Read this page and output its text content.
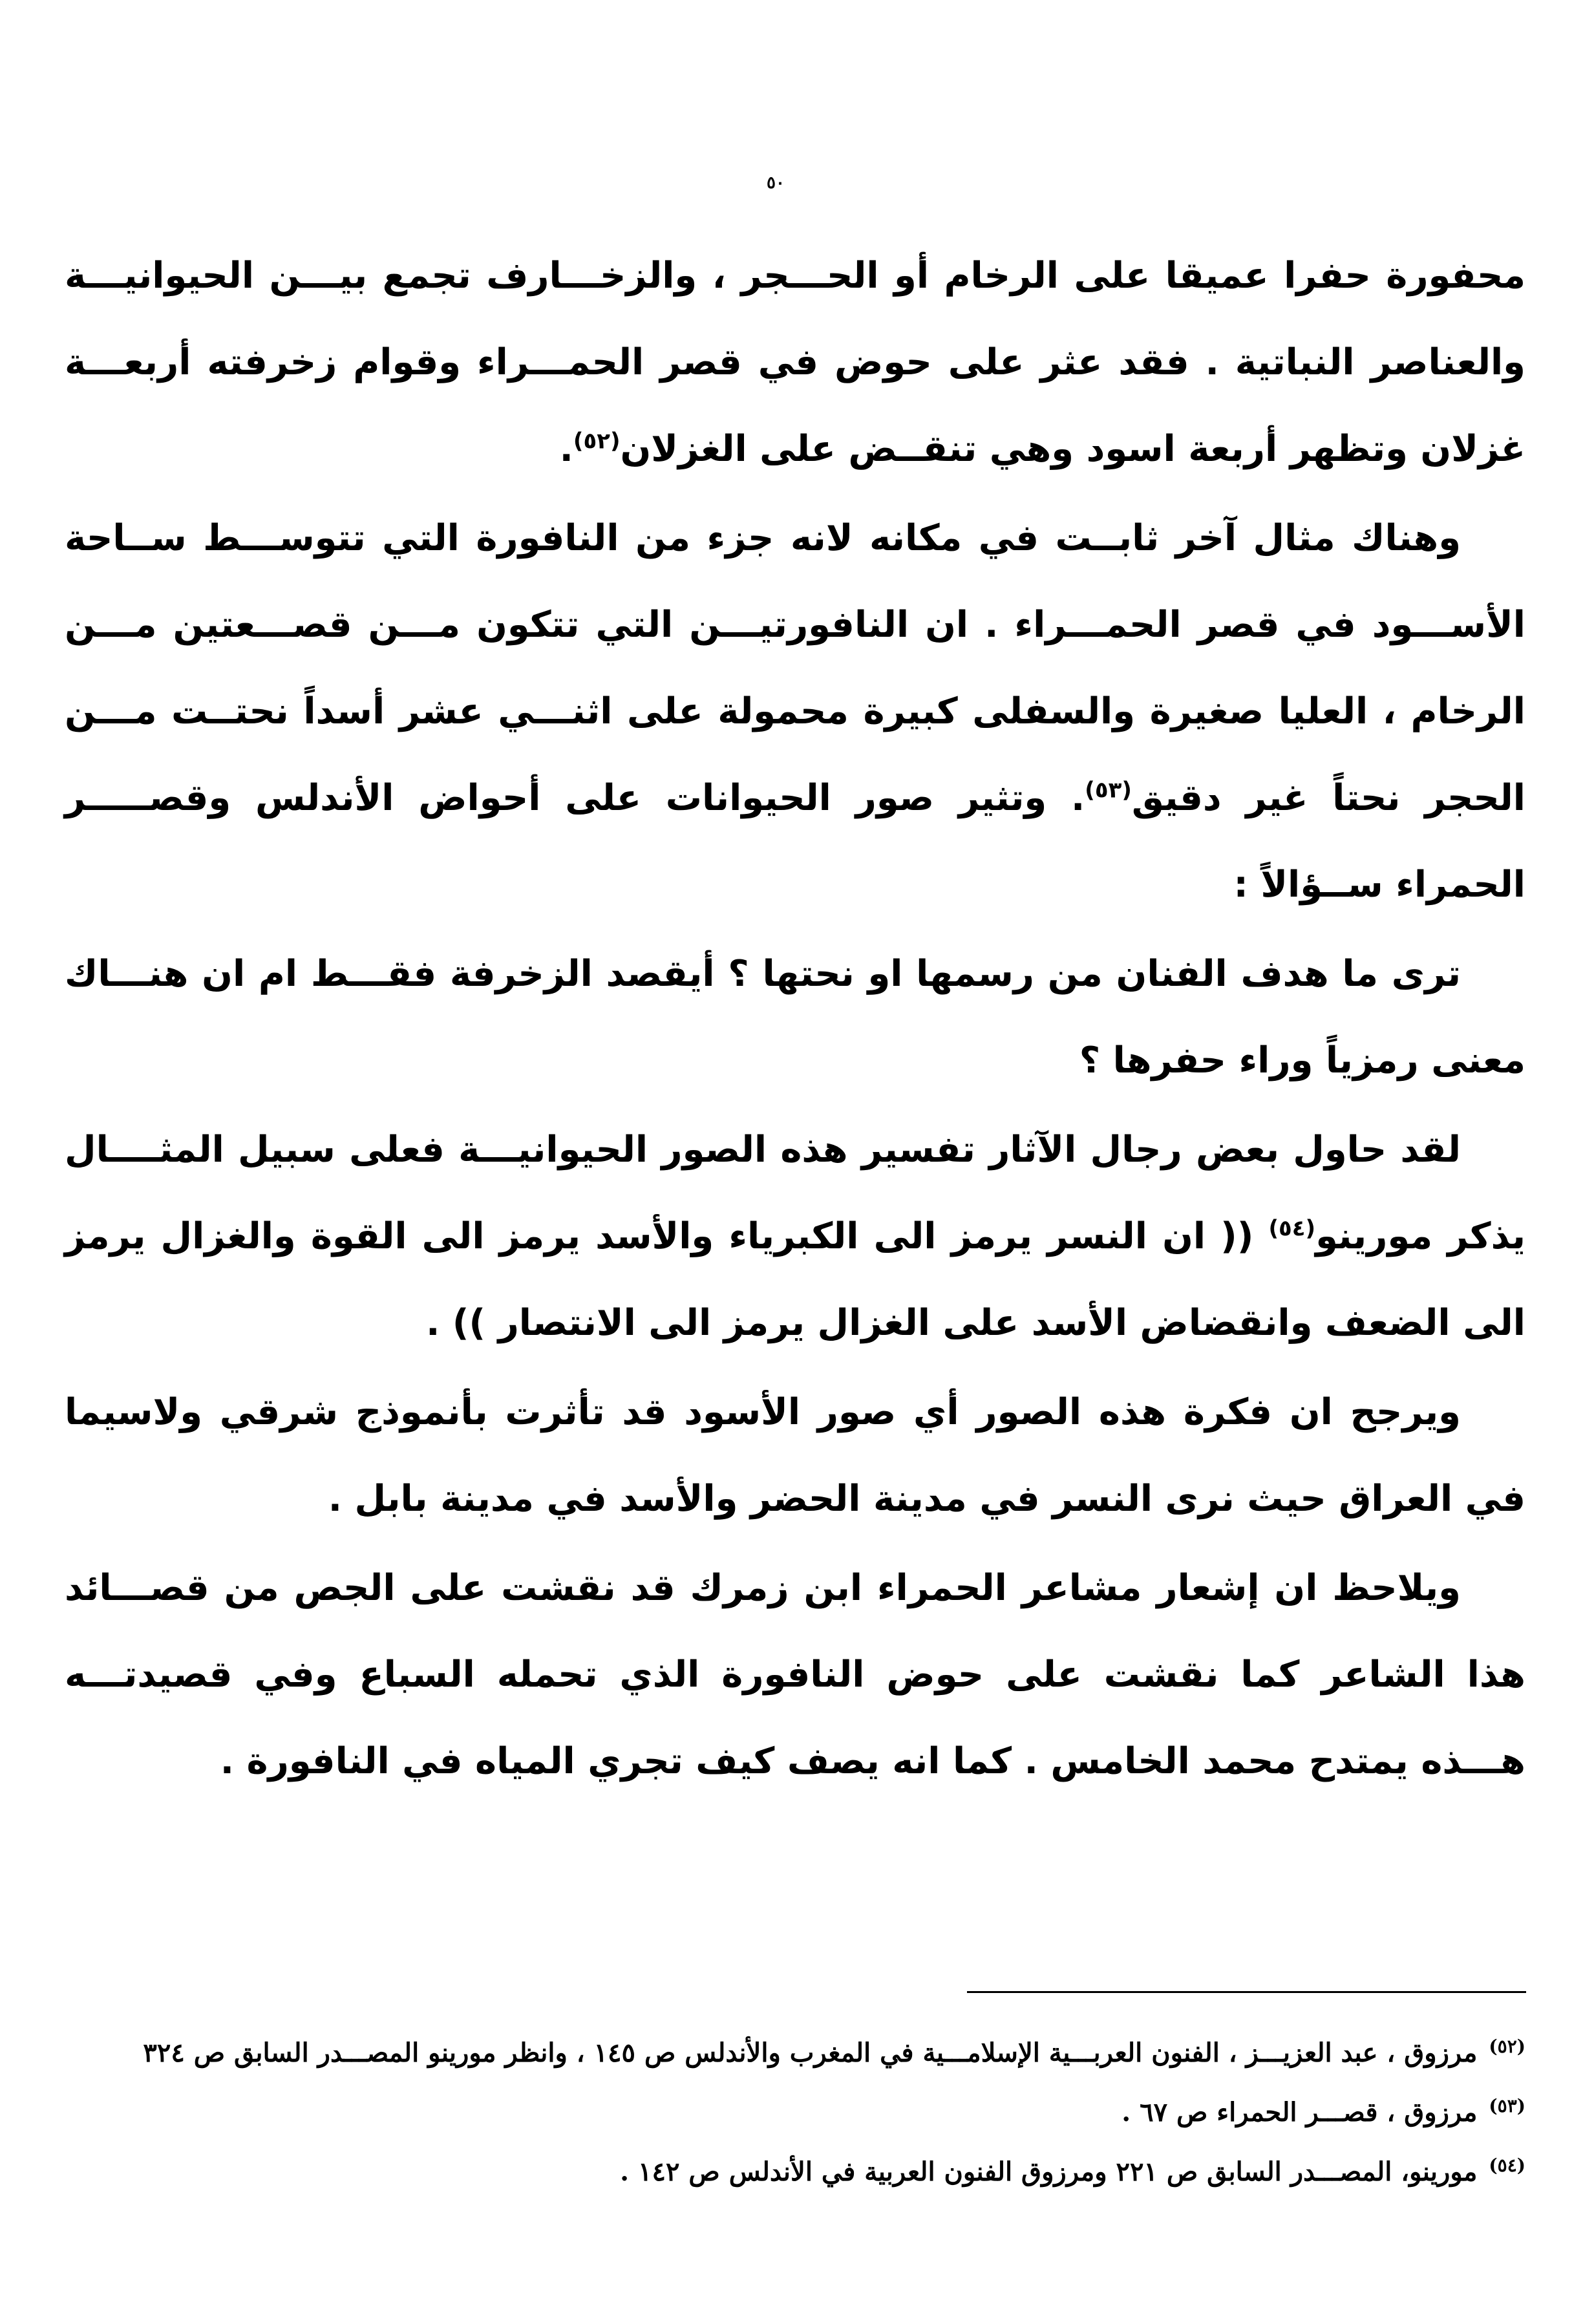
٥٠

محفورة حفرا عميقا على الرخام أو الحـــجر ، والزخـــارف تجمع بيـــن الحيوانيـــة والعناصر النباتية . فقد عثر على حوض في قصر الحمـــراء وقوام زخرفته أربعـــة غزلان وتظهر أربعة اسود وهي تنقــض على الغزلان$^{(٥٢)}$.

وهناك مثال آخر ثابــت في مكانه لانه جزء من النافورة التي تتوســـط ســاحة الأســـود في قصر الحمـــراء . ان النافورتيـــن التي تتكون مـــن قصـــعتين مـــن الرخام ، العليا صغيرة والسفلى كبيرة محمولة على اثنـــي عشر أسداً نحتــت مـــن الحجر نحتاً غير دقيق$^{(٥٣)}$. وتثير صور الحيوانات على أحواض الأندلس وقصـــــر الحمراء ســؤالاً :

ترى ما هدف الفنان من رسمها او نحتها ؟ أيقصد الزخرفة فقـــط ام ان هنـــاك معنى رمزياً وراء حفرها ؟

لقد حاول بعض رجال الآثار تفسير هذه الصور الحيوانيـــة فعلى سبيل المثــــال يذكر مورينو$^{(٥٤)}$ (( ان النسر يرمز الى الكبرياء والأسد يرمز الى القوة والغزال يرمز الى الضعف وانقضاض الأسد على الغزال يرمز الى الانتصار )) .

ويرجح ان فكرة هذه الصور أي صور الأسود قد تأثرت بأنموذج شرقي ولاسيما في العراق حيث نرى النسر في مدينة الحضر والأسد في مدينة بابل .

ويلاحظ ان إشعار مشاعر الحمراء ابن زمرك قد نقشت على الجص من قصـــائد هذا الشاعر كما نقشت على حوض النافورة الذي تحمله السباع وفي قصيدتـــه هـــذه يمتدح محمد الخامس . كما انه يصف كيف تجري المياه في النافورة .

$^{(٥٢)}$مرزوق ، عبد العزيـــز ، الفنون العربـــية الإسلامـــية في المغرب والأندلس ص ١٤٥ ، وانظر مورينو المصـــدر السابق ص ٣٢٤

$^{(٥٣)}$مرزوق ، قصـــر الحمراء ص ٦٧ .

$^{(٥٤)}$مورينو، المصـــدر السابق ص ٢٢١ ومرزوق الفنون العربية في الأندلس ص ١٤٢ .
